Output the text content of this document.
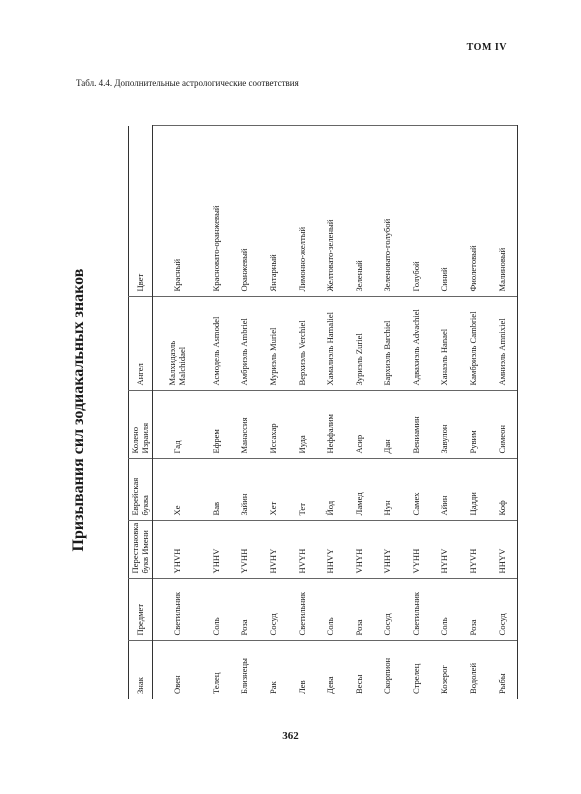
ТОМ IV
Табл. 4.4. Дополнительные астрологические соответствия
Призывания сил зодиакальных знаков
Знак	Предмет	Перестановка букв Имени	Еврейская буква	Колено Израиля	Ангел	Цвет
Овен	Светильник	YHVH	Хе	Гад	Малхидаэль Malchidael	Красный
Телец	Соль	YHHV	Вав	Ефрем	Асмодель Asmodel	Красновато-оранжевый
Близнецы	Роза	YVHH	Зайин	Манассия	Амбриэль Ambriel	Оранжевый
Рак	Сосуд	HVHY	Хет	Иссахар	Муриэль Muriel	Янтарный
Лев	Светильник	HVYH	Тет	Иуда	Верхиэль Verchiel	Лимонно-желтый
Дева	Соль	HHVY	Йод	Неффалим	Хамалиэль Hamaliel	Желтовато-зеленый
Весы	Роза	VHYH	Ламед	Асир	Зуриэль Zuriel	Зеленый
Скорпион	Сосуд	VHHY	Нун	Дан	Бархиэль Barchiel	Зеленовато-голубой
Стрелец	Светильник	VYHH	Самех	Вениамин	Адвахиэль Advachiel	Голубой
Козерог	Соль	HYHV	Айин	Завулон	Ханаэль Hanael	Синий
Водолей	Роза	HYVH	Цадди	Рувим	Камбриэль Cambriel	Фиолетовый
Рыбы	Сосуд	HHYV	Коф	Симеон	Амниэль Amnixiel	Малиновый
362
